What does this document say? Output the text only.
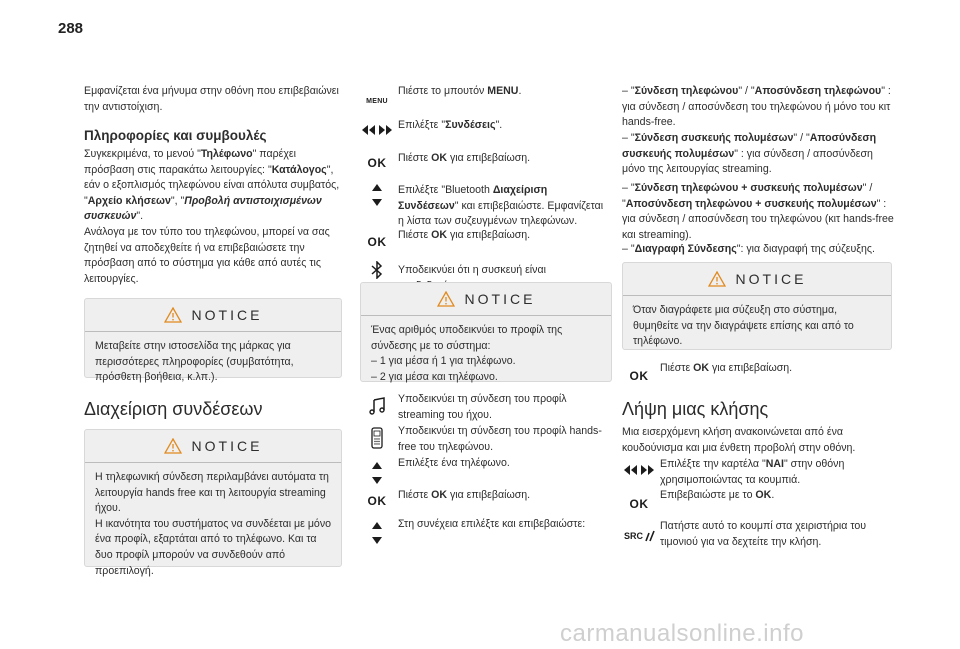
288

Εμφανίζεται ένα μήνυμα στην οθόνη που επιβεβαιώνει την αντιστοίχιση.

Πληροφορίες και συμβουλές

Συγκεκριμένα, το μενού "Τηλέφωνο" παρέχει πρόσβαση στις παρακάτω λειτουργίες: "Κατάλογος", εάν ο εξοπλισμός τηλεφώνου είναι απόλυτα συμβατός, "Αρχείο κλήσεων", "Προβολή αντιστοιχισμένων συσκευών".

Ανάλογα με τον τύπο του τηλεφώνου, μπορεί να σας ζητηθεί να αποδεχθείτε ή να επιβεβαιώσετε την πρόσβαση από το σύστημα για κάθε από αυτές τις λειτουργίες.

NOTICE

Μεταβείτε στην ιστοσελίδα της μάρκας για περισσότερες πληροφορίες (συμβατότητα, πρόσθετη βοήθεια, κ.λπ.).

Διαχείριση συνδέσεων

NOTICE

Η τηλεφωνική σύνδεση περιλαμβάνει αυτόματα τη λειτουργία hands free και τη λειτουργία streaming ήχου.

Η ικανότητα του συστήματος να συνδέεται με μόνο ένα προφίλ, εξαρτάται από το τηλέφωνο. Και τα δυο προφίλ μπορούν να συνδεθούν από προεπιλογή.

MENU

Πιέστε το μπουτόν MENU.

Επιλέξτε "Συνδέσεις".

OK Πιέστε OK για επιβεβαίωση.

Επιλέξτε "Bluetooth Διαχείριση Συνδέσεων" και επιβεβαιώστε. Εμφανίζεται η λίστα των συζευγμένων τηλεφώνων.

OK Πιέστε OK για επιβεβαίωση.

Υποδεικνύει ότι η συσκευή είναι

NOTICE

Ένας αριθμός υποδεικνύει το προφίλ της σύνδεσης με το σύστημα:

– 1 για μέσα ή 1 για τηλέφωνο.

– 2 για μέσα και τηλέφωνο.

Υποδεικνύει τη σύνδεση του προφίλ streaming του ήχου.

Υποδεικνύει τη σύνδεση του προφίλ hands-free του τηλεφώνου.

Επιλέξτε ένα τηλέφωνο.

OK Πιέστε OK για επιβεβαίωση.

Στη συνέχεια επιλέξτε και επιβεβαιώστε:

– "Σύνδεση τηλεφώνου" / "Αποσύνδεση τηλεφώνου" : για σύνδεση / αποσύνδεση του τηλεφώνου ή μόνο του κιτ hands-free.

– "Σύνδεση συσκευής πολυμέσων" / "Αποσύνδεση συσκευής πολυμέσων" : για σύνδεση / αποσύνδεση μόνο της λειτουργίας streaming.

– "Σύνδεση τηλεφώνου + συσκευής πολυμέσων" / "Αποσύνδεση τηλεφώνου + συσκευής πολυμέσων" : για σύνδεση / αποσύνδεση του τηλεφώνου (κιτ hands-free και streaming).

– "Διαγραφή Σύνδεσης": για διαγραφή της σύζευξης.

NOTICE

Όταν διαγράφετε μια σύζευξη στο σύστημα, θυμηθείτε να την διαγράψετε επίσης και από το τηλέφωνο.

OK

Πιέστε OK για επιβεβαίωση.

Λήψη μιας κλήσης

Μια εισερχόμενη κλήση ανακοινώνεται από ένα κουδούνισμα και μια ένθετη προβολή στην οθόνη.

Επιλέξτε την καρτέλα "ΝΑΙ" στην οθόνη χρησιμοποιώντας τα κουμπιά.

OK

Επιβεβαιώστε με το OK.

SRC

Πατήστε αυτό το κουμπί στα χειριστήρια του τιμονιού για να δεχτείτε την κλήση.

carmanualsonline.info
